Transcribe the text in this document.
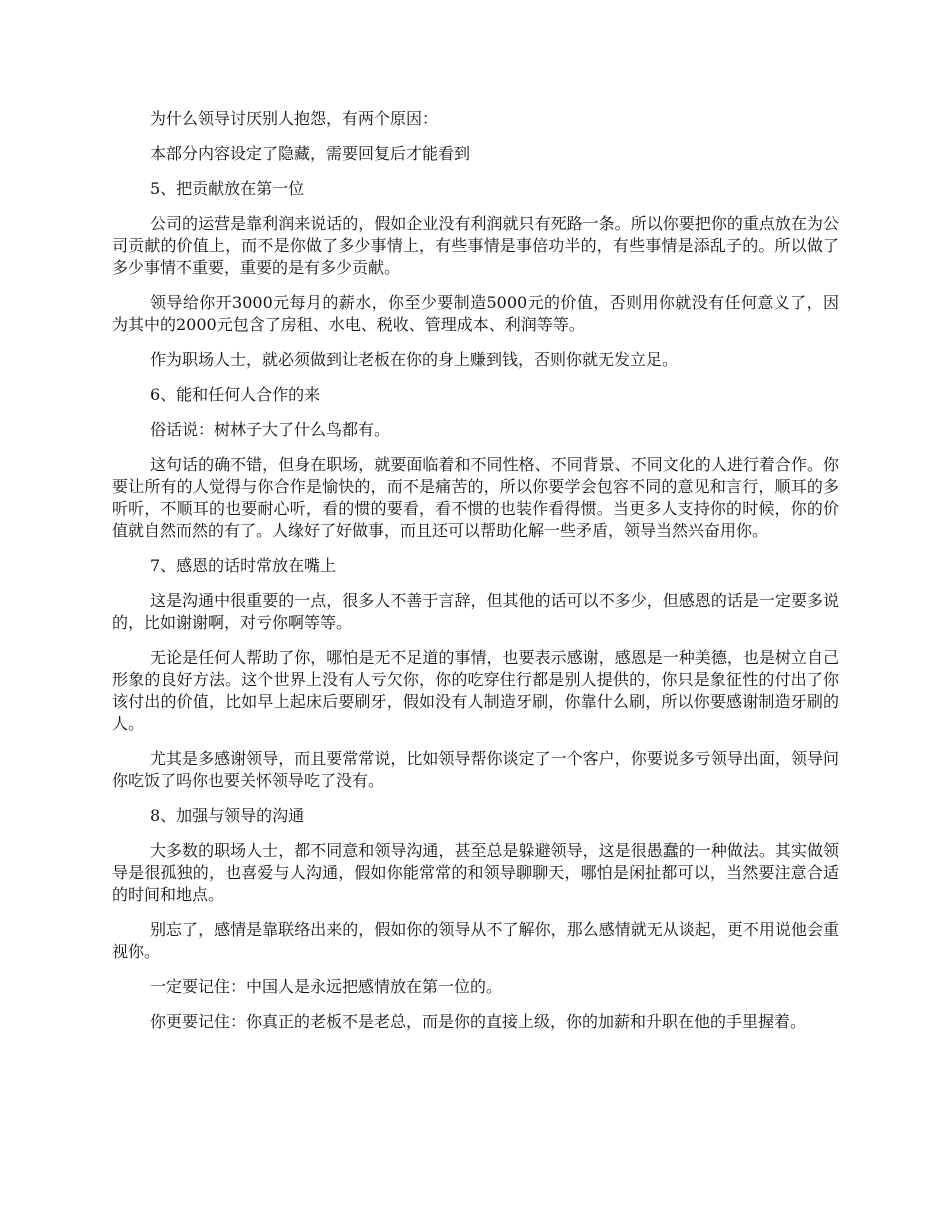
为什么领导讨厌别人抱怨，有两个原因：

本部分内容设定了隐藏，需要回复后才能看到

5、把贡献放在第一位

公司的运营是靠利润来说话的，假如企业没有利润就只有死路一条。所以你要把你的重点放在为公司贡献的价值上，而不是你做了多少事情上，有些事情是事倍功半的，有些事情是添乱子的。所以做了多少事情不重要，重要的是有多少贡献。

领导给你开3000元每月的薪水，你至少要制造5000元的价值，否则用你就没有任何意义了，因为其中的2000元包含了房租、水电、税收、管理成本、利润等等。

作为职场人士，就必须做到让老板在你的身上赚到钱，否则你就无发立足。

6、能和任何人合作的来

俗话说：树林子大了什么鸟都有。

这句话的确不错，但身在职场，就要面临着和不同性格、不同背景、不同文化的人进行着合作。你要让所有的人觉得与你合作是愉快的，而不是痛苦的，所以你要学会包容不同的意见和言行，顺耳的多听听，不顺耳的也要耐心听，看的惯的要看，看不惯的也装作看得惯。当更多人支持你的时候，你的价值就自然而然的有了。人缘好了好做事，而且还可以帮助化解一些矛盾，领导当然兴奋用你。

7、感恩的话时常放在嘴上

这是沟通中很重要的一点，很多人不善于言辞，但其他的话可以不多少，但感恩的话是一定要多说的，比如谢谢啊，对亏你啊等等。

无论是任何人帮助了你，哪怕是无不足道的事情，也要表示感谢，感恩是一种美德，也是树立自己形象的良好方法。这个世界上没有人亏欠你，你的吃穿住行都是别人提供的，你只是象征性的付出了你该付出的价值，比如早上起床后要刷牙，假如没有人制造牙刷，你靠什么刷，所以你要感谢制造牙刷的人。

尤其是多感谢领导，而且要常常说，比如领导帮你谈定了一个客户，你要说多亏领导出面，领导问你吃饭了吗你也要关怀领导吃了没有。

8、加强与领导的沟通

大多数的职场人士，都不同意和领导沟通，甚至总是躲避领导，这是很愚蠢的一种做法。其实做领导是很孤独的，也喜爱与人沟通，假如你能常常的和领导聊聊天，哪怕是闲扯都可以，当然要注意合适的时间和地点。

别忘了，感情是靠联络出来的，假如你的领导从不了解你，那么感情就无从谈起，更不用说他会重视你。

一定要记住：中国人是永远把感情放在第一位的。

你更要记住：你真正的老板不是老总，而是你的直接上级，你的加薪和升职在他的手里握着。
